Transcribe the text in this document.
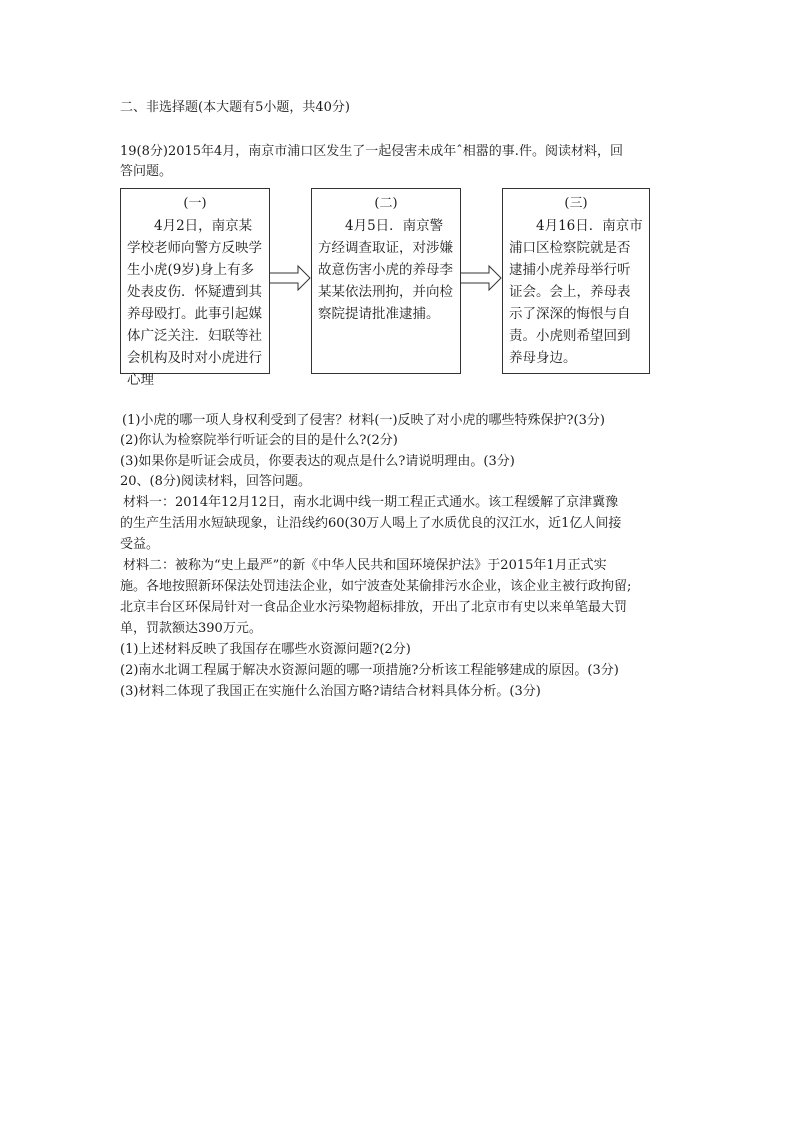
二、非选择题(本大题有5小题，共40分)
19(8分)2015年4月，南京市浦口区发生了一起侵害未成年ˆ相嚣的事.件。阅读材料，回
答问题。
(一)
4月2日，南京某学校老师向警方反映学生小虎(9岁)身上有多处表皮伤．怀疑遭到其养母殴打。此事引起媒体广泛关注．妇联等社会机构及时对小虎进行心理
(二)
4月5日．南京警方经调查取证，对涉嫌故意伤害小虎的养母李某某依法刑拘，并向检察院提请批准逮捕。
(三)
4月16日．南京市浦口区检察院就是否逮捕小虎养母举行听证会。会上，养母表示了深深的悔恨与自责。小虎则希望回到养母身边。
(1)小虎的哪一项人身权利受到了侵害？材料(一)反映了对小虎的哪些特殊保护?(3分)
(2)你认为检察院举行听证会的目的是什么?(2分)
(3)如果你是听证会成员，你要表达的观点是什么?请说明理由。(3分)
20、(8分)阅读材料，回答问题。
材料一：2014年12月12日，南水北调中线一期工程正式通水。该工程缓解了京津冀豫
的生产生活用水短缺现象，让沿线约60(30万人喝上了水质优良的汉江水，近1亿人间接
受益。
材料二：被称为“史上最严”的新《中华人民共和国环境保护法》于2015年1月正式实
施。各地按照新环保法处罚违法企业，如宁波查处某偷排污水企业，该企业主被行政拘留;
北京丰台区环保局针对一食品企业水污染物超标排放，开出了北京市有史以来单笔最大罚
单，罚款额达390万元。
(1)上述材料反映了我国存在哪些水资源问题?(2分)
(2)南水北调工程属于解决水资源问题的哪一项措施?分析该工程能够建成的原因。(3分)
(3)材料二体现了我国正在实施什么治国方略?请结合材料具体分析。(3分)
